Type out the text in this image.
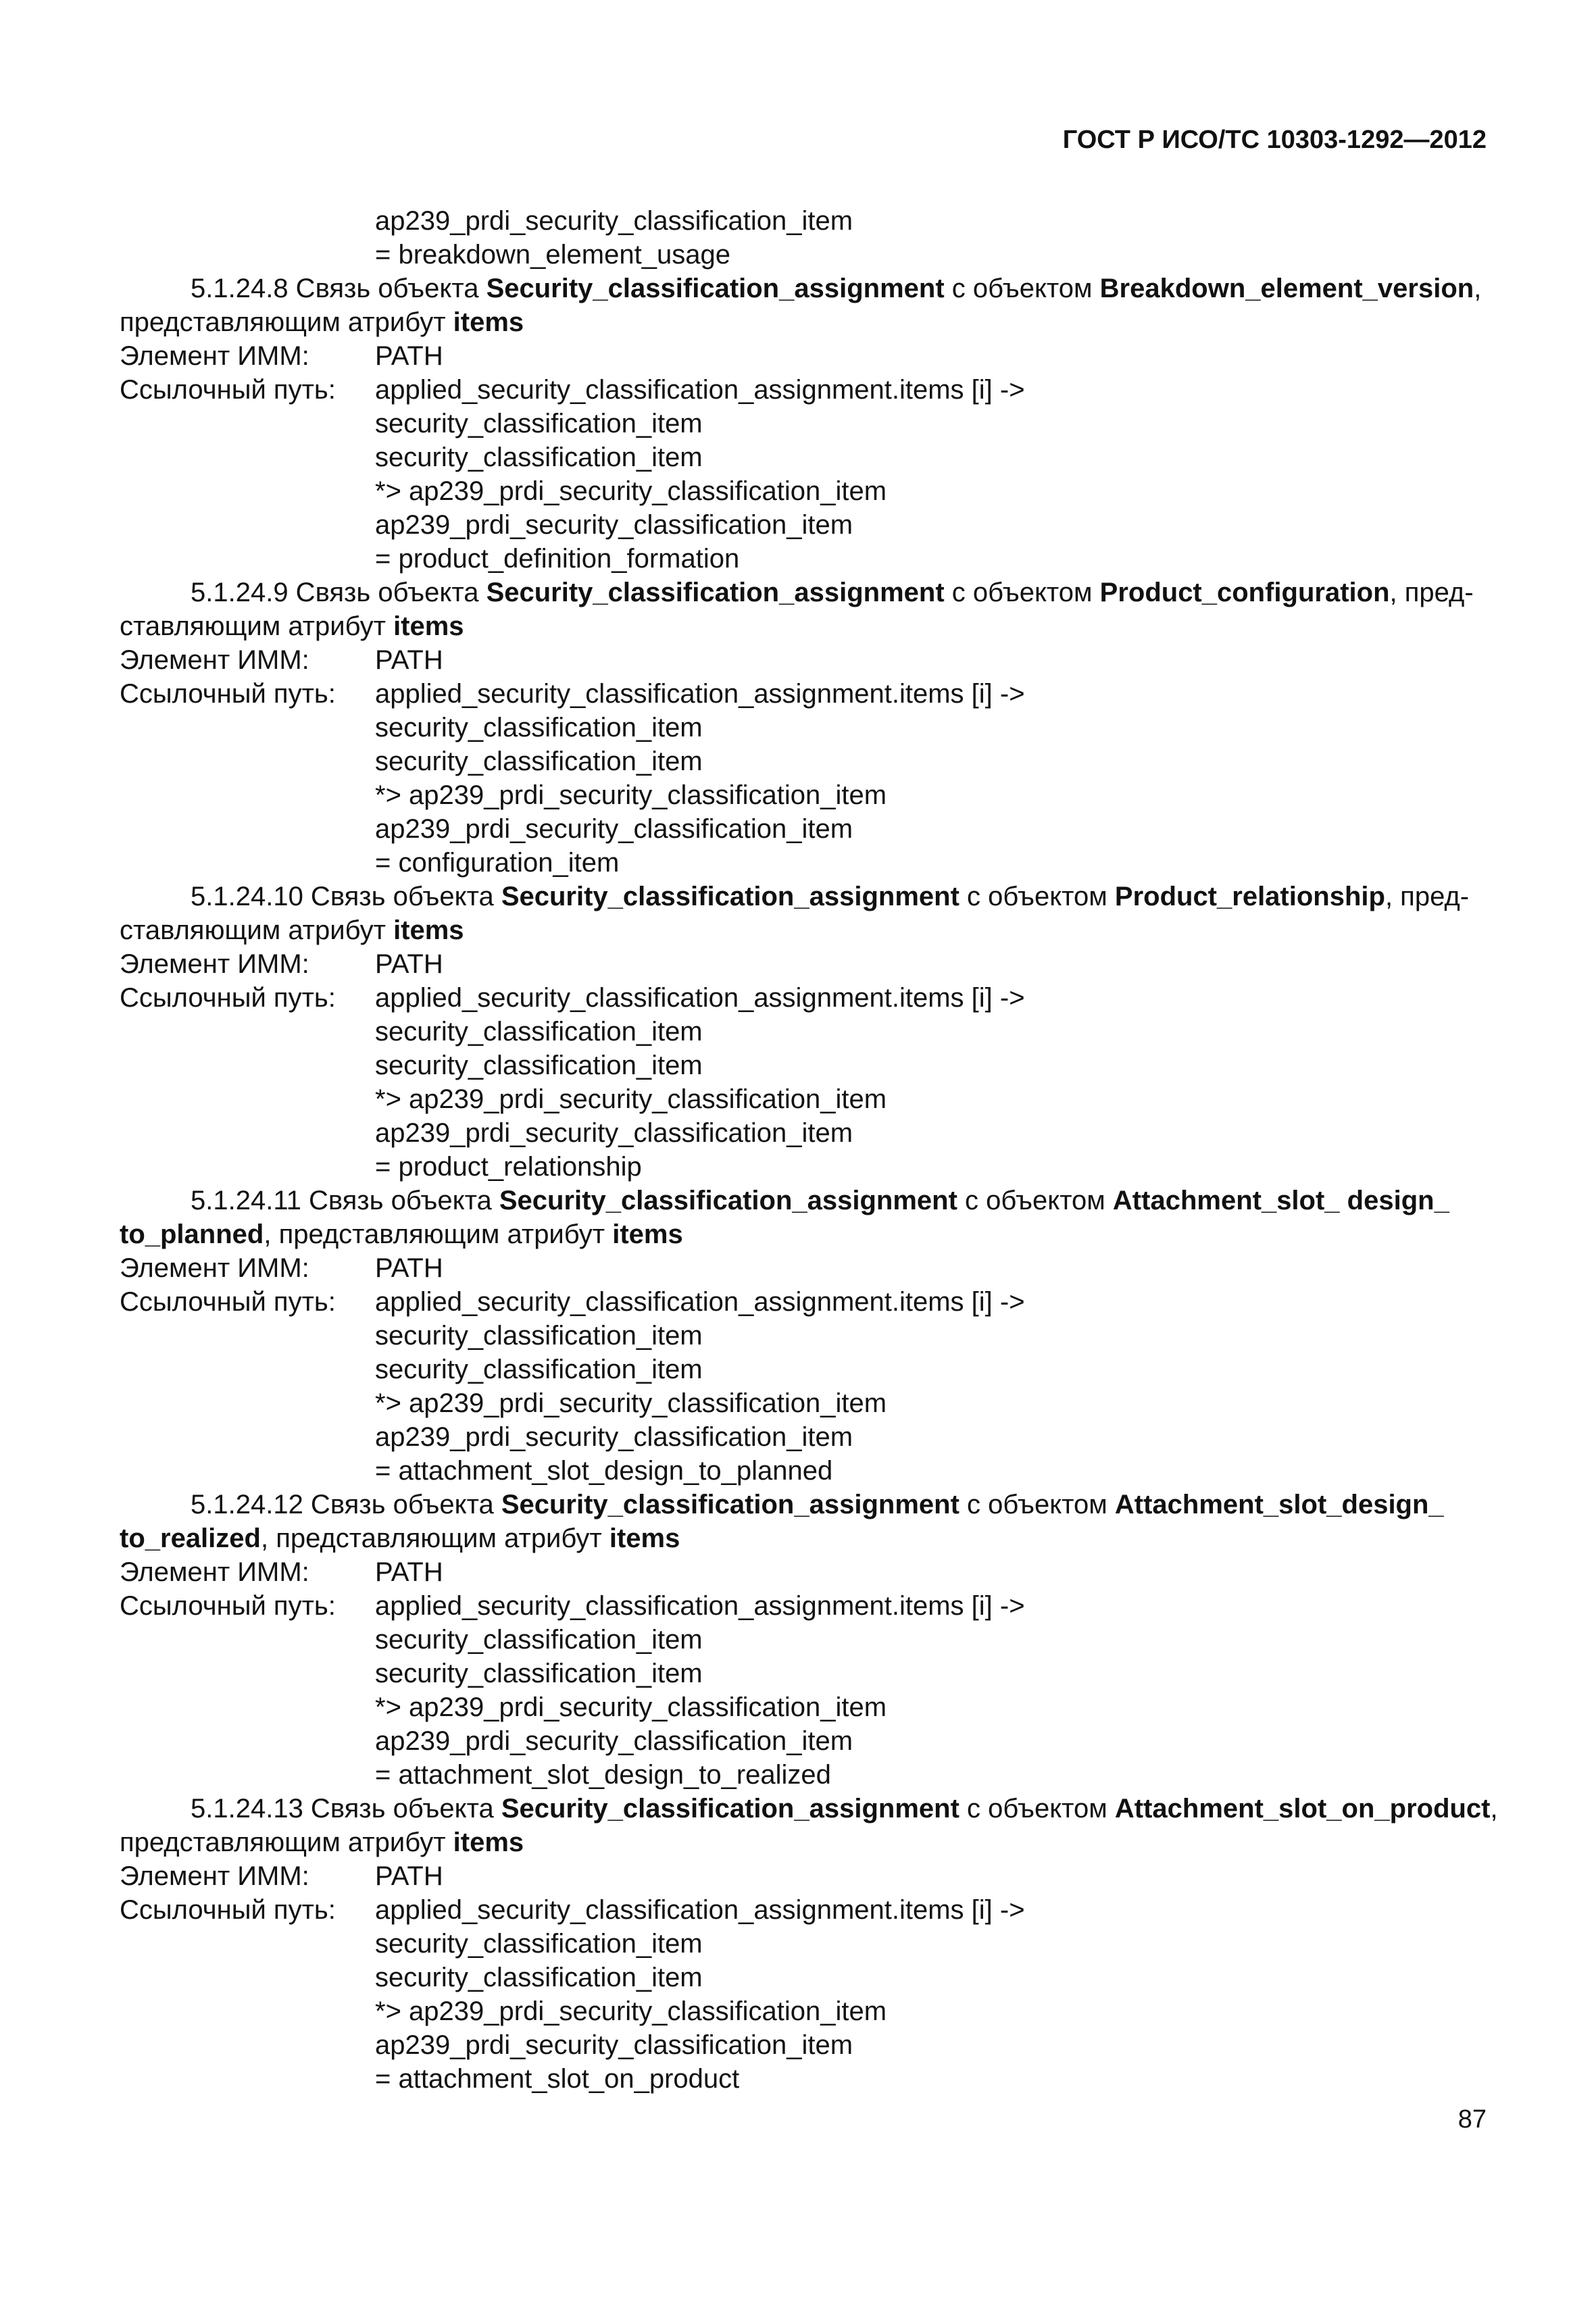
ГОСТ Р ИСО/ТС 10303-1292—2012
ap239_prdi_security_classification_item
= breakdown_element_usage
5.1.24.8 Связь объекта Security_classification_assignment с объектом Breakdown_element_version,
представляющим атрибут items
Элемент ИММ:	PATH
Ссылочный путь:	applied_security_classification_assignment.items [i] ->
security_classification_item
security_classification_item
*> ap239_prdi_security_classification_item
ap239_prdi_security_classification_item
= product_definition_formation
5.1.24.9 Связь объекта Security_classification_assignment с объектом Product_configuration, пред-
ставляющим атрибут items
Элемент ИММ:	PATH
Ссылочный путь:	applied_security_classification_assignment.items [i] ->
security_classification_item
security_classification_item
*> ap239_prdi_security_classification_item
ap239_prdi_security_classification_item
= configuration_item
5.1.24.10 Связь объекта Security_classification_assignment с объектом Product_relationship, пред-
ставляющим атрибут items
Элемент ИММ:	PATH
Ссылочный путь:	applied_security_classification_assignment.items [i] ->
security_classification_item
security_classification_item
*> ap239_prdi_security_classification_item
ap239_prdi_security_classification_item
= product_relationship
5.1.24.11 Связь объекта Security_classification_assignment с объектом Attachment_slot_ design_
to_planned, представляющим атрибут items
Элемент ИММ:	PATH
Ссылочный путь:	applied_security_classification_assignment.items [i] ->
security_classification_item
security_classification_item
*> ap239_prdi_security_classification_item
ap239_prdi_security_classification_item
= attachment_slot_design_to_planned
5.1.24.12 Связь объекта Security_classification_assignment с объектом Attachment_slot_design_
to_realized, представляющим атрибут items
Элемент ИММ:	PATH
Ссылочный путь:	applied_security_classification_assignment.items [i] ->
security_classification_item
security_classification_item
*> ap239_prdi_security_classification_item
ap239_prdi_security_classification_item
= attachment_slot_design_to_realized
5.1.24.13 Связь объекта Security_classification_assignment с объектом Attachment_slot_on_product,
представляющим атрибут items
Элемент ИММ:	PATH
Ссылочный путь:	applied_security_classification_assignment.items [i] ->
security_classification_item
security_classification_item
*> ap239_prdi_security_classification_item
ap239_prdi_security_classification_item
= attachment_slot_on_product
87
